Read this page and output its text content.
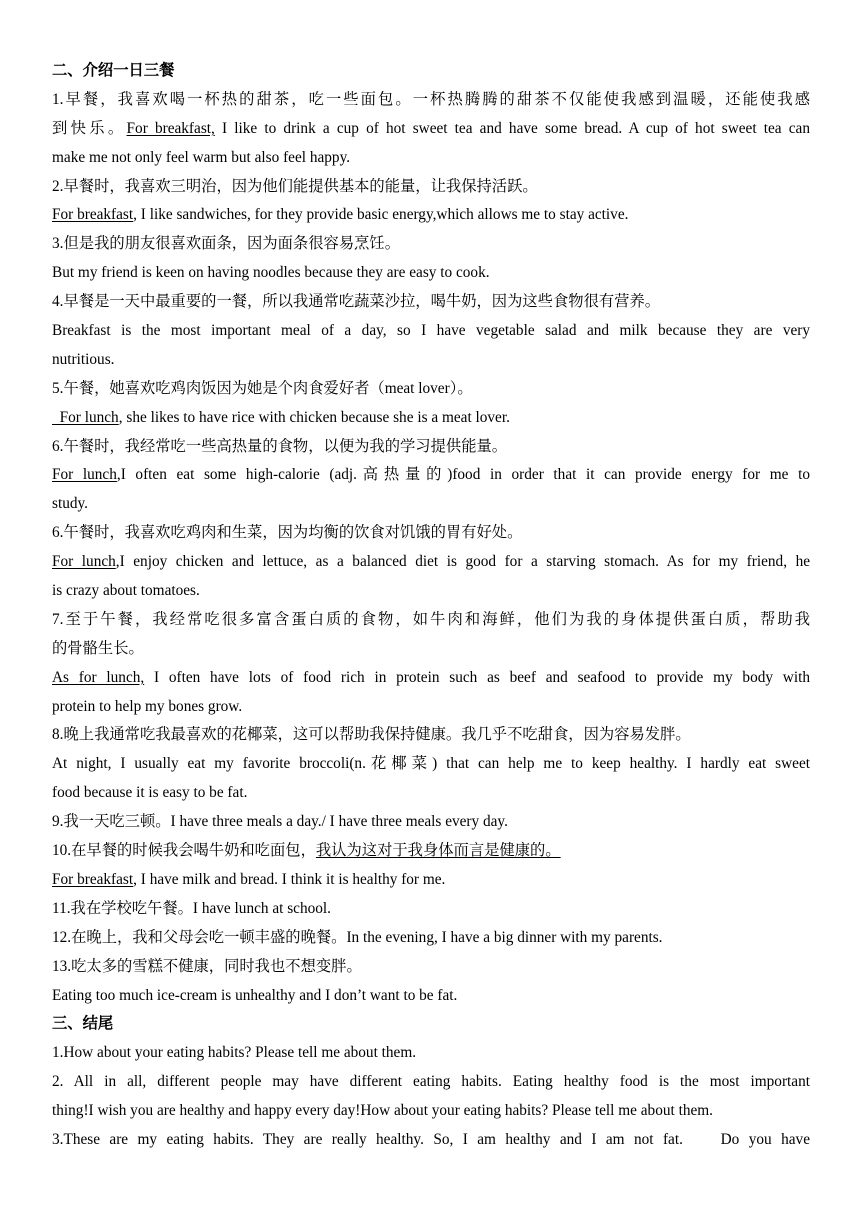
二、介绍一日三餐
1.早餐，我喜欢喝一杯热的甜茶，吃一些面包。一杯热腾腾的甜茶不仅能使我感到温暖，还能使我感
到快乐。For breakfast, I like to drink a cup of hot sweet tea and have some bread. A cup of hot sweet tea can
make me not only feel warm but also feel happy.
2.早餐时，我喜欢三明治，因为他们能提供基本的能量，让我保持活跃。
For breakfast, I like sandwiches, for they provide basic energy,which allows me to stay active.
3.但是我的朋友很喜欢面条，因为面条很容易烹饪。
But my friend is keen on having noodles because they are easy to cook.
4.早餐是一天中最重要的一餐，所以我通常吃蔬菜沙拉，喝牛奶，因为这些食物很有营养。
Breakfast is the most important meal of a day, so I have vegetable salad and milk because they are very
nutritious.
5.午餐，她喜欢吃鸡肉饭因为她是个肉食爱好者（meat lover）。
For lunch, she likes to have rice with chicken because she is a meat lover.
6.午餐时，我经常吃一些高热量的食物，以便为我的学习提供能量。
For lunch,I often eat some high-calorie (adj.高热量的)food in order that it can provide energy for me to
study.
6.午餐时，我喜欢吃鸡肉和生菜，因为均衡的饮食对饥饿的胃有好处。
For lunch,I enjoy chicken and lettuce, as a balanced diet is good for a starving stomach. As for my friend, he
is crazy about tomatoes.
7.至于午餐，我经常吃很多富含蛋白质的食物，如牛肉和海鲜，他们为我的身体提供蛋白质，帮助我
的骨骼生长。
As for lunch, I often have lots of food rich in protein such as beef and seafood to provide my body with
protein to help my bones grow.
8.晚上我通常吃我最喜欢的花椰菜，这可以帮助我保持健康。我几乎不吃甜食，因为容易发胖。
At night, I usually eat my favorite broccoli(n.花椰菜) that can help me to keep healthy. I hardly eat sweet
food because it is easy to be fat.
9.我一天吃三顿。I have three meals a day./ I have three meals every day.
10.在早餐的时候我会喝牛奶和吃面包，我认为这对于我身体而言是健康的。
For breakfast, I have milk and bread. I think it is healthy for me.
11.我在学校吃午餐。I have lunch at school.
12.在晚上，我和父母会吃一顿丰盛的晚餐。In the evening, I have a big dinner with my parents.
13.吃太多的雪糕不健康，同时我也不想变胖。
Eating too much ice-cream is unhealthy and I don’t want to be fat.
三、结尾
1.How about your eating habits? Please tell me about them.
2. All in all, different people may have different eating habits. Eating healthy food is the most important
thing!I wish you are healthy and happy every day!How about your eating habits? Please tell me about them.
3.These are my eating habits. They are really healthy. So, I am healthy and I am not fat.    Do you have
